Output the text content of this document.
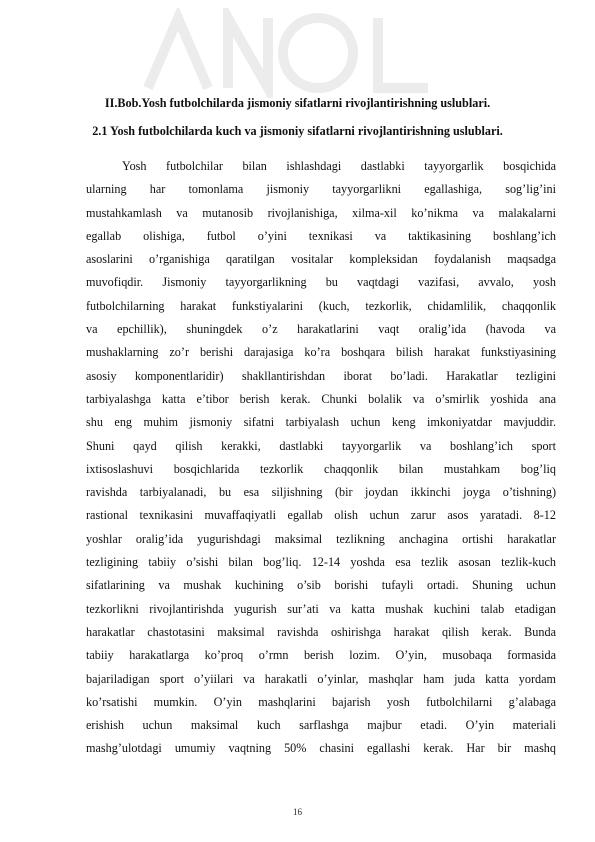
II.Bob.Yosh futbolchilarda jismoniy sifatlarni rivojlantirishning uslublari.
2.1 Yosh futbolchilarda kuch va jismoniy sifatlarni rivojlantirishning uslublari.
Yosh futbolchilar bilan ishlashdagi dastlabki tayyorgarlik bosqichida
ularning har tomonlama jismoniy tayyorgarlikni egallashiga, sog’lig’ini
mustahkamlash va mutanosib rivojlanishiga, xilma-xil ko’nikma va malakalarni
egallab olishiga, futbol o’yini texnikasi va taktikasining boshlang’ich
asoslarini o’rganishiga qaratilgan vositalar kompleksidan foydalanish maqsadga
muvofiqdir. Jismoniy tayyorgarlikning bu vaqtdagi vazifasi, avvalo, yosh
futbolchilarning harakat funkstiyalarini (kuch, tezkorlik, chidamlilik, chaqqonlik
va epchillik), shuningdek o’z harakatlarini vaqt oralig’ida (havoda va
mushaklarning zo’r berishi darajasiga ko’ra boshqara bilish harakat funkstiyasining
asosiy komponentlaridir) shakllantirishdan iborat bo’ladi. Harakatlar tezligini
tarbiyalashga katta e’tibor berish kerak. Chunki bolalik va o’smirlik yoshida ana
shu eng muhim jismoniy sifatni tarbiyalash uchun keng imkoniyatdar mavjuddir.
Shuni qayd qilish kerakki, dastlabki tayyorgarlik va boshlang’ich sport
ixtisoslashuvi bosqichlarida tezkorlik chaqqonlik bilan mustahkam bog’liq
ravishda tarbiyalanadi, bu esa siljishning (bir joydan ikkinchi joyga o’tishning)
rastional texnikasini muvaffaqiyatli egallab olish uchun zarur asos yaratadi. 8-12
yoshlar oralig’ida yugurishdagi maksimal tezlikning anchagina ortishi harakatlar
tezligining tabiiy o’sishi bilan bog’liq. 12-14 yoshda esa tezlik asosan tezlik-kuch
sifatlarining va mushak kuchining o’sib borishi tufayli ortadi. Shuning uchun
tezkorlikni rivojlantirishda yugurish sur’ati va katta mushak kuchini talab etadigan
harakatlar chastotasini maksimal ravishda oshirishga harakat qilish kerak. Bunda
tabiiy harakatlarga ko’proq o’rmn berish lozim. O’yin, musobaqa formasida
bajariladigan sport o’yiilari va harakatli o’yinlar, mashqlar ham juda katta yordam
ko’rsatishi mumkin. O’yin mashqlarini bajarish yosh futbolchilarni g’alabaga
erishish uchun maksimal kuch sarflashga majbur etadi. O’yin materiali
mashg’ulotdagi umumiy vaqtning 50% chasini egallashi kerak. Har bir mashq
16
